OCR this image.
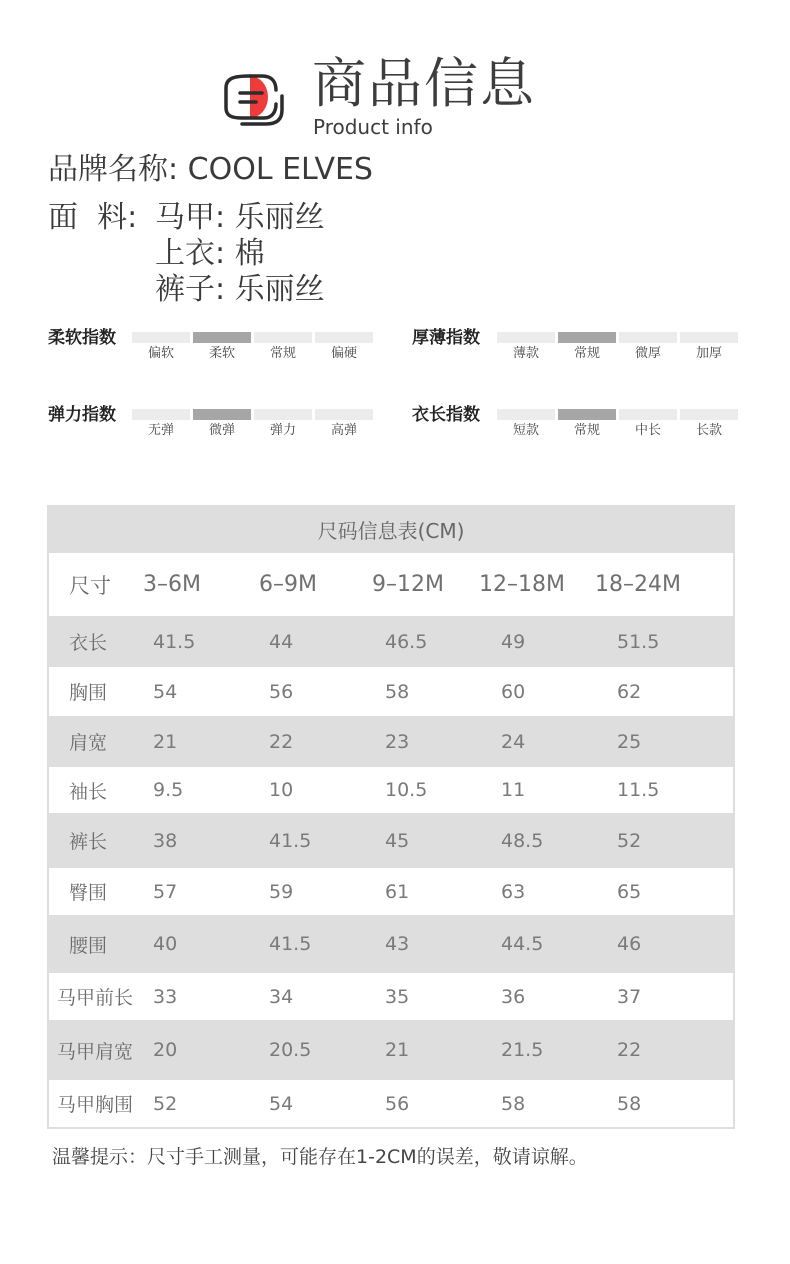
商品信息
Product info
品牌名称: COOL ELVES
面  料: 马甲: 乐丽丝
上衣: 棉
裤子: 乐丽丝
柔软指数
偏软	柔软	常规	偏硬
厚薄指数
薄款	常规	微厚	加厚
弹力指数
无弹	微弹	弹力	高弹
衣长指数
短款	常规	中长	长款
尺码信息表(CM)
尺寸	3–6M	6–9M	9–12M	12–18M	18–24M
衣长	41.5	44	46.5	49	51.5
胸围	54	56	58	60	62
肩宽	21	22	23	24	25
袖长	9.5	10	10.5	11	11.5
裤长	38	41.5	45	48.5	52
臀围	57	59	61	63	65
腰围	40	41.5	43	44.5	46
马甲前长	33	34	35	36	37
马甲肩宽	20	20.5	21	21.5	22
马甲胸围	52	54	56	58	58
温馨提示：尺寸手工测量，可能存在1-2CM的误差，敬请谅解。
